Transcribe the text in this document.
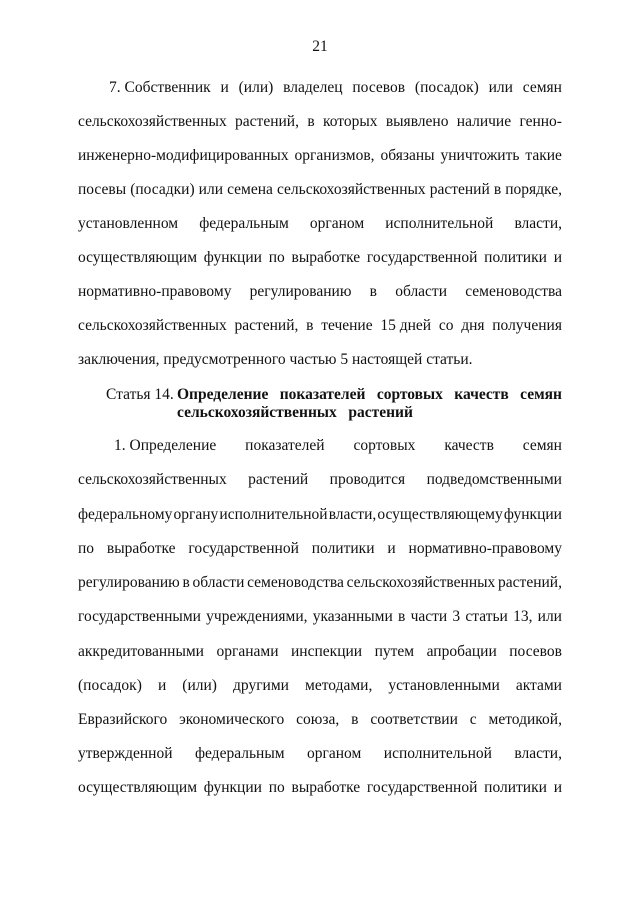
21
7. Собственник и (или) владелец посевов (посадок) или семян
сельскохозяйственных растений, в которых выявлено наличие генно-
инженерно-модифицированных организмов, обязаны уничтожить такие
посевы (посадки) или семена сельскохозяйственных растений в порядке,
установленном федеральным органом исполнительной власти,
осуществляющим функции по выработке государственной политики и
нормативно-правовому регулированию в области семеноводства
сельскохозяйственных растений, в течение 15 дней со дня получения
заключения, предусмотренного частью 5 настоящей статьи.
Статья 14. Определение показателей сортовых качеств семян
сельскохозяйственных   растений
1. Определение показателей сортовых качеств семян
сельскохозяйственных растений проводится подведомственными
федеральному органу исполнительной власти, осуществляющему функции
по выработке государственной политики и нормативно-правовому
регулированию в области семеноводства сельскохозяйственных растений,
государственными учреждениями, указанными в части 3 статьи 13, или
аккредитованными органами инспекции путем апробации посевов
(посадок) и (или) другими методами, установленными актами
Евразийского экономического союза, в соответствии с методикой,
утвержденной федеральным органом исполнительной власти,
осуществляющим функции по выработке государственной политики и
